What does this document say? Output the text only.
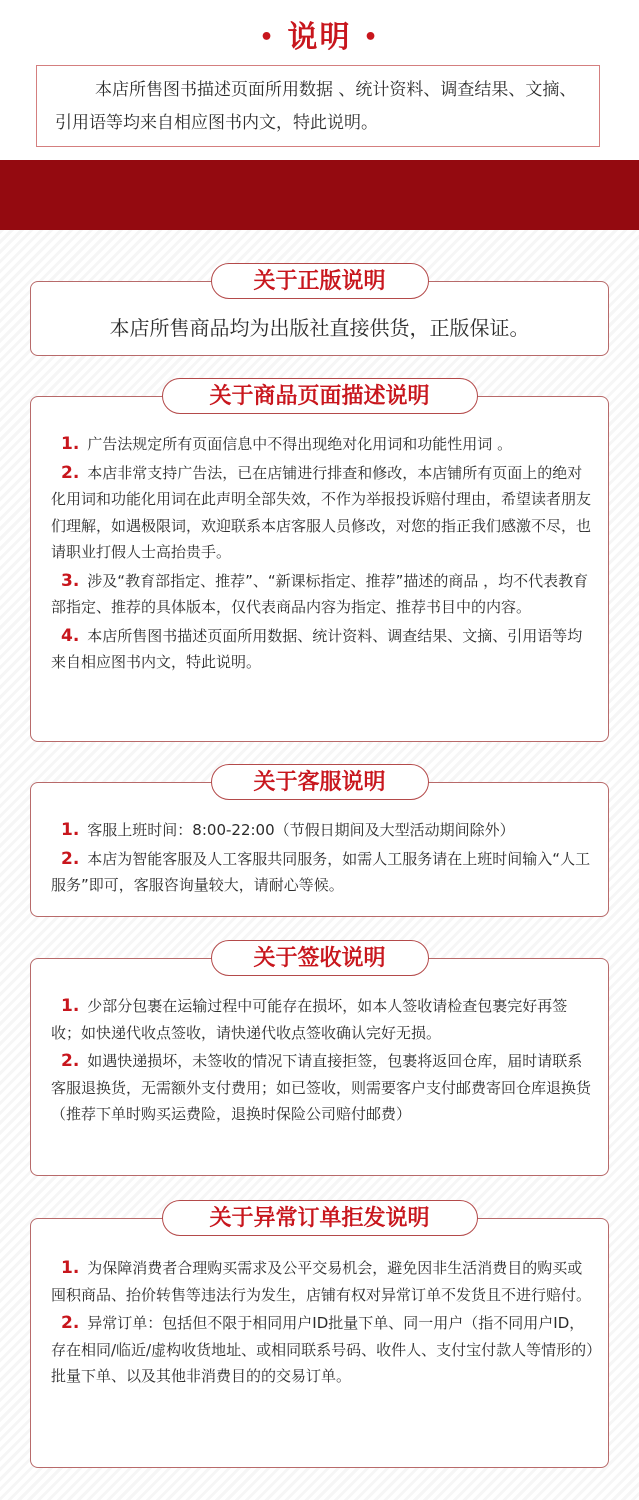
• 说明 •
本店所售图书描述页面所用数据 、统计资料、调查结果、文摘、引用语等均来自相应图书内文，特此说明。
关于正版说明
本店所售商品均为出版社直接供货，正版保证。
关于商品页面描述说明

1. 广告法规定所有页面信息中不得出现绝对化用词和功能性用词 。

2. 本店非常支持广告法，已在店铺进行排查和修改，本店铺所有页面上的绝对化用词和功能化用词在此声明全部失效，不作为举报投诉赔付理由，希望读者朋友们理解，如遇极限词，欢迎联系本店客服人员修改，对您的指正我们感激不尽，也请职业打假人士高抬贵手。

3. 涉及“教育部指定、推荐”、“新课标指定、推荐”描述的商品 ，均不代表教育部指定、推荐的具体版本，仅代表商品内容为指定、推荐书目中的内容。

4. 本店所售图书描述页面所用数据、统计资料、调查结果、文摘、引用语等均来自相应图书内文，特此说明。

关于客服说明

1. 客服上班时间：8:00-22:00（节假日期间及大型活动期间除外）

2. 本店为智能客服及人工客服共同服务，如需人工服务请在上班时间输入“人工服务”即可，客服咨询量较大，请耐心等候。

关于签收说明

1. 少部分包裹在运输过程中可能存在损坏，如本人签收请检查包裹完好再签收；如快递代收点签收，请快递代收点签收确认完好无损。

2. 如遇快递损坏，未签收的情况下请直接拒签，包裹将返回仓库，届时请联系客服退换货，无需额外支付费用；如已签收，则需要客户支付邮费寄回仓库退换货（推荐下单时购买运费险，退换时保险公司赔付邮费）

关于异常订单拒发说明

1. 为保障消费者合理购买需求及公平交易机会，避免因非生活消费目的购买或囤积商品、抬价转售等违法行为发生，店铺有权对异常订单不发货且不进行赔付。

2. 异常订单：包括但不限于相同用户ID批量下单、同一用户（指不同用户ID，存在相同/临近/虚构收货地址、或相同联系号码、收件人、支付宝付款人等情形的）批量下单、以及其他非消费目的的交易订单。
